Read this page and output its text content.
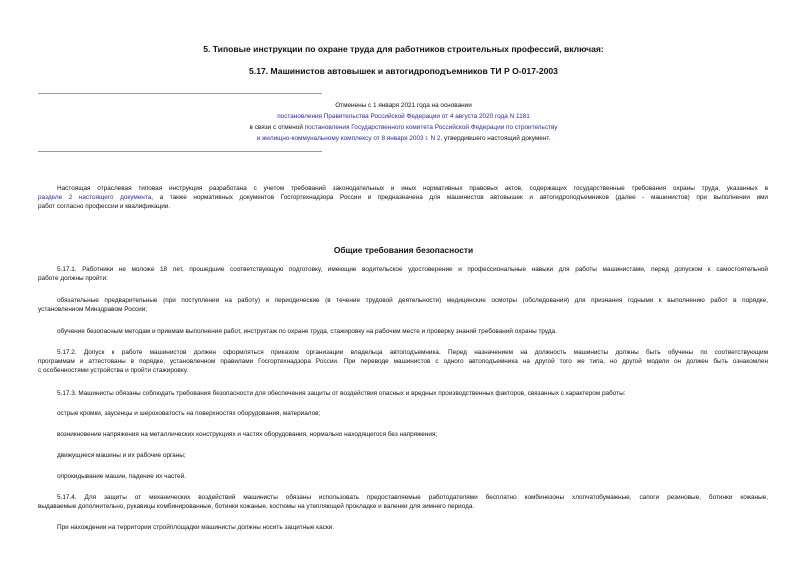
5. Типовые инструкции по охране труда для работников строительных профессий, включая:
5.17. Машинистов автовышек и автогидроподъемников ТИ Р О-017-2003
Отменены с 1 января 2021 года на основании
постановления Правительства Российской Федерации от 4 августа 2020 года N 1181
в связи с отменой постановления Государственного комитета Российской Федерации по строительству
и жилищно-коммунальному комплексу от 8 января 2003 г. N 2, утвердившего настоящий документ.
Настоящая отраслевая типовая инструкция разработана с учетом требований законодательных и иных нормативных правовых актов, содержащих государственные требования охраны труда, указанных в
разделе 2 настоящего документа, а также нормативных документов Госгортехнадзора России и предназначена для машинистов автовышек и автогидроподъемников (далее - машинистов) при выполнении ими
работ согласно профессии и квалификации.
Общие требования безопасности
5.17.1. Работники не моложе 18 лет, прошедшие соответствующую подготовку, имеющие водительское удостоверение и профессиональные навыки для работы машинистами, перед допуском к самостоятельной
работе должны пройти:
обязательные предварительные (при поступлении на работу) и периодические (в течение трудовой деятельности) медицинские осмотры (обследования) для признания годными к выполнению работ в порядке,
установленном Минздравом России;
обучение безопасным методам и приемам выполнения работ, инструктаж по охране труда, стажировку на рабочем месте и проверку знаний требований охраны труда.
5.17.2. Допуск к работе машинистов должен оформляться приказом организации владельца автоподъемника. Перед назначением на должность машинисты должны быть обучены по соответствующим
программам и аттестованы в порядке, установленном правилами Госгортехнадзора России. При переводе машинистов с одного автоподъемника на другой того же типа, но другой модели он должен быть ознакомлен
с особенностями устройства и пройти стажировку.
5.17.3. Машинисты обязаны соблюдать требования безопасности для обеспечения защиты от воздействия опасных и вредных производственных факторов, связанных с характером работы:
острые кромки, заусенцы и шероховатость на поверхностях оборудования, материалов;
возникновение напряжения на металлических конструкциях и частях оборудования, нормально находящегося без напряжения;
движущиеся машины и их рабочие органы;
опрокидывание машин, падение их частей.
5.17.4. Для защиты от механических воздействий машинисты обязаны использовать предоставляемые работодателями бесплатно комбинезоны хлопчатобумажные, сапоги резиновые, ботинки кожаные,
выдаваемые дополнительно, рукавицы комбинированные, ботинки кожаные, костюмы на утепляющей прокладке и валенки для зимнего периода.
При нахождении на территории стройплощадки машинисты должны носить защитные каски.
